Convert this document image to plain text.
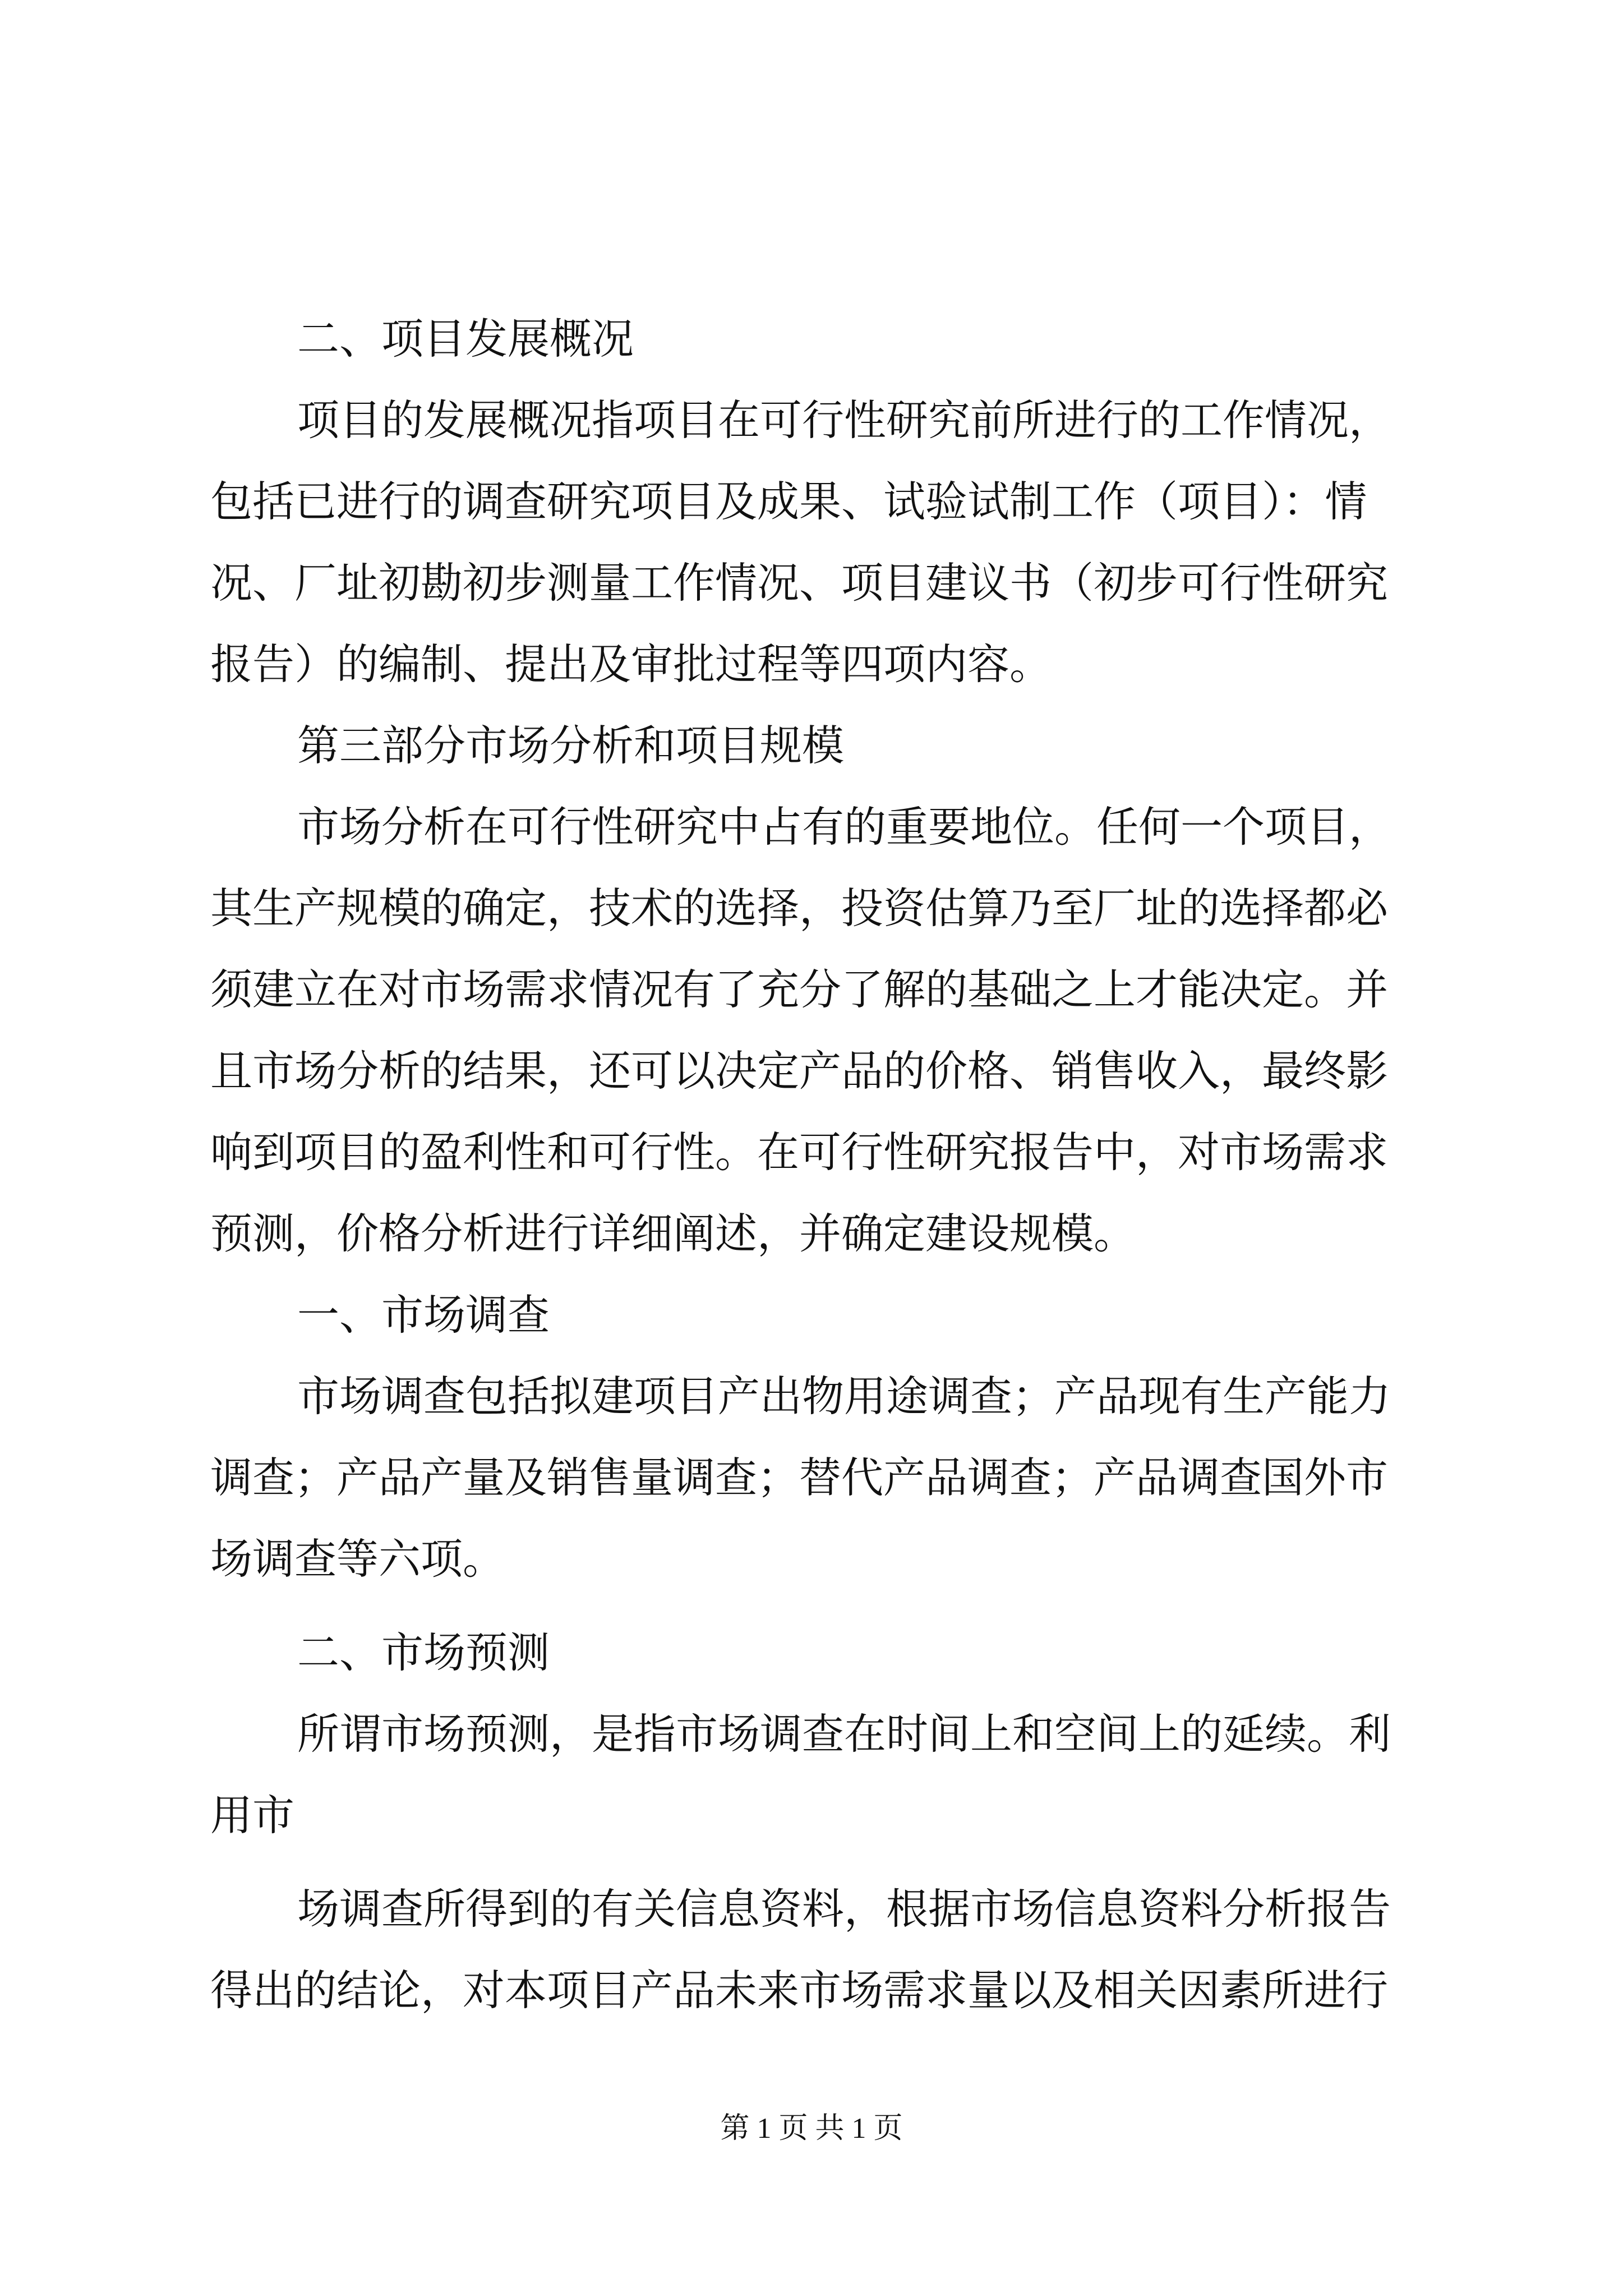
二、项目发展概况
项目的发展概况指项目在可行性研究前所进行的工作情况，
包括已进行的调查研究项目及成果、试验试制工作（项目）：情
况、厂址初勘初步测量工作情况、项目建议书（初步可行性研究
报告）的编制、提出及审批过程等四项内容。
第三部分市场分析和项目规模
市场分析在可行性研究中占有的重要地位。任何一个项目，
其生产规模的确定，技术的选择，投资估算乃至厂址的选择都必
须建立在对市场需求情况有了充分了解的基础之上才能决定。并
且市场分析的结果，还可以决定产品的价格、销售收入，最终影
响到项目的盈利性和可行性。在可行性研究报告中，对市场需求
预测，价格分析进行详细阐述，并确定建设规模。
一、市场调查
市场调查包括拟建项目产出物用途调查；产品现有生产能力
调查；产品产量及销售量调查；替代产品调查；产品调查国外市
场调查等六项。
二、市场预测
所谓市场预测，是指市场调查在时间上和空间上的延续。利
用市
场调查所得到的有关信息资料，根据市场信息资料分析报告
得出的结论，对本项目产品未来市场需求量以及相关因素所进行
第 1 页 共 1 页
